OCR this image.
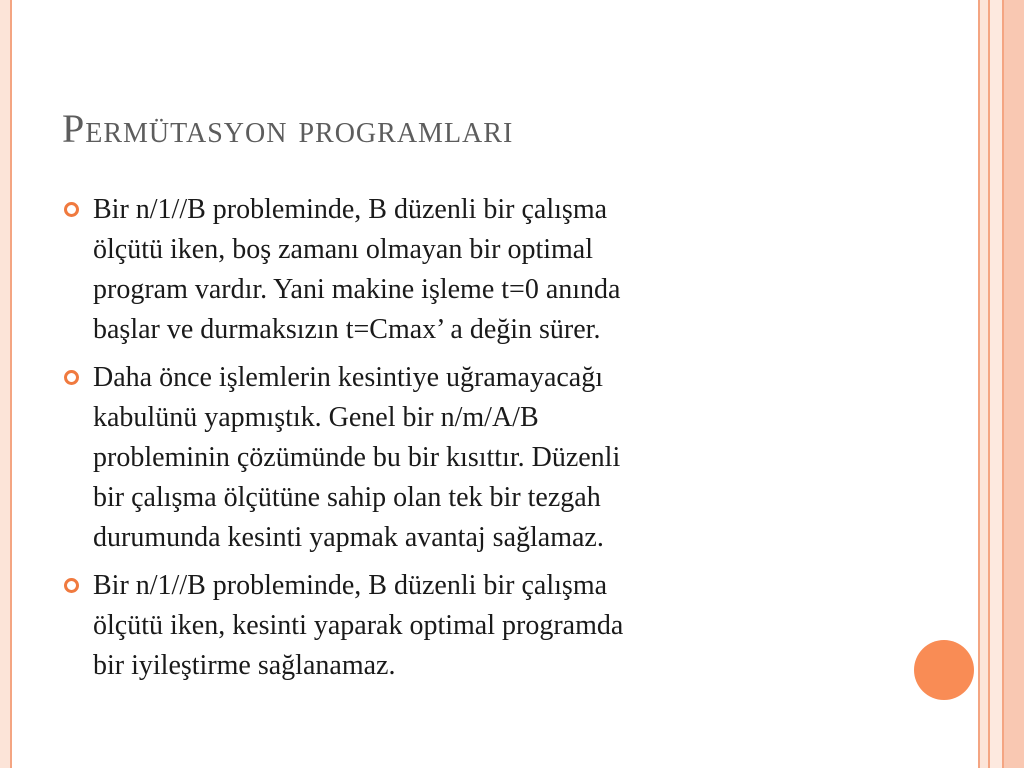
Permütasyon programlari
Bir n/1//B probleminde, B düzenli bir çalışma
ölçütü iken, boş zamanı olmayan bir optimal
program vardır. Yani makine işleme t=0 anında
başlar ve durmaksızın t=Cmax’ a değin sürer.
Daha önce işlemlerin kesintiye uğramayacağı
kabulünü yapmıştık. Genel bir n/m/A/B
probleminin çözümünde bu bir kısıttır. Düzenli
bir çalışma ölçütüne sahip olan tek bir tezgah
durumunda kesinti yapmak avantaj sağlamaz.
Bir n/1//B probleminde, B düzenli bir çalışma
ölçütü iken, kesinti yaparak optimal programda
bir iyileştirme sağlanamaz.
